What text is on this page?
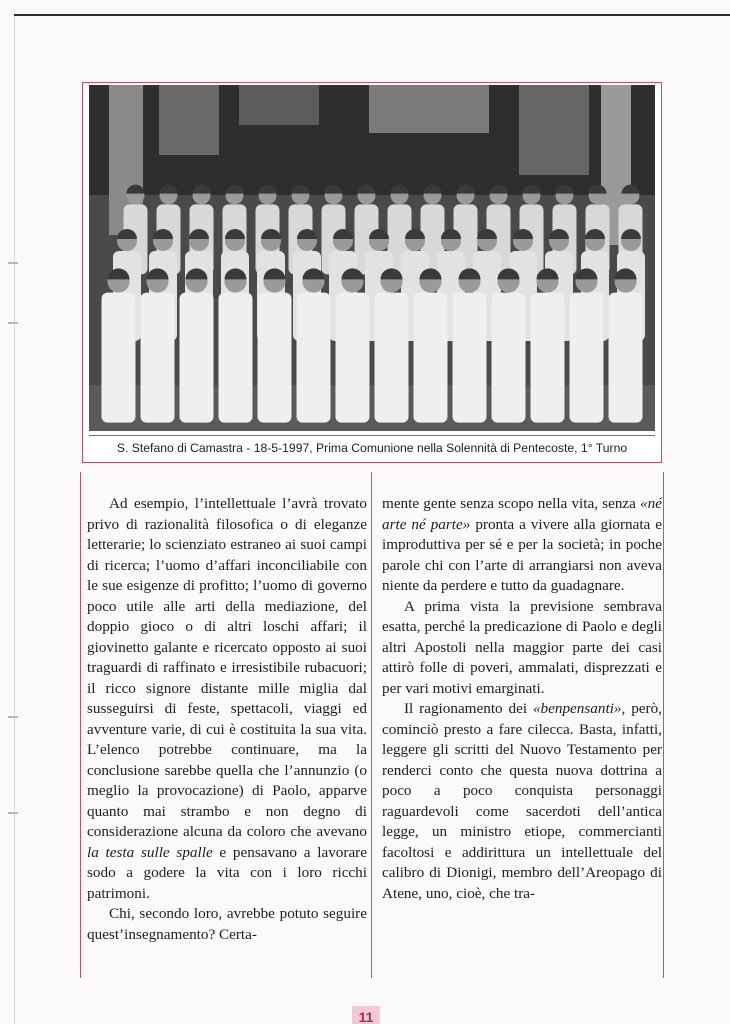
S. Stefano di Camastra - 18-5-1997, Prima Comunione nella Solennità di Pentecoste, 1° Turno

Ad esempio, l’intellettuale l’avrà trovato privo di razionalità filosofica o di eleganze letterarie; lo scienziato estraneo ai suoi campi di ricerca; l’uomo d’affari inconciliabile con le sue esigenze di profitto; l’uomo di governo poco utile alle arti della mediazione, del doppio gioco o di altri loschi affari; il giovinetto galante e ricercato opposto ai suoi traguardi di raffinato e irresistibile rubacuori; il ricco signore distante mille miglia dal susseguirsi di feste, spettacoli, viaggi ed avventure varie, di cui è costituita la sua vita. L’elenco potrebbe continuare, ma la conclusione sarebbe quella che l’annunzio (o meglio la provocazione) di Paolo, apparve quanto mai strambo e non degno di considerazione alcuna da coloro che avevano la testa sulle spalle e pensavano a lavorare sodo a godere la vita con i loro ricchi patrimoni.

Chi, secondo loro, avrebbe potuto seguire quest’insegnamento? Certa-

mente gente senza scopo nella vita, senza «né arte né parte» pronta a vivere alla giornata e improduttiva per sé e per la società; in poche parole chi con l’arte di arrangiarsi non aveva niente da perdere e tutto da guadagnare.

A prima vista la previsione sembrava esatta, perché la predicazione di Paolo e degli altri Apostoli nella maggior parte dei casi attirò folle di poveri, ammalati, disprezzati e per vari motivi emarginati.

Il ragionamento dei «benpensanti», però, cominciò presto a fare cilecca. Basta, infatti, leggere gli scritti del Nuovo Testamento per renderci conto che questa nuova dottrina a poco a poco conquista personaggi raguardevoli come sacerdoti dell’antica legge, un ministro etiope, commercianti facoltosi e addirittura un intellettuale del calibro di Dionigi, membro dell’Areopago di Atene, uno, cioè, che tra-

11
